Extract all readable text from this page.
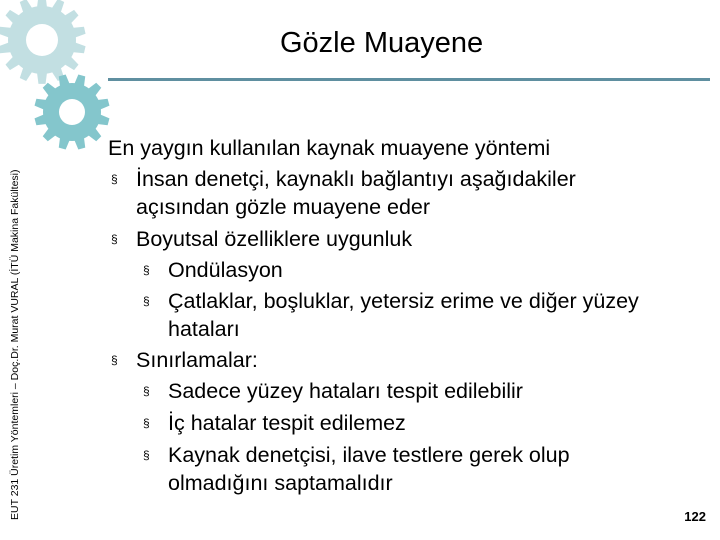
EUT 231 Üretim Yöntemleri – Doç.Dr. Murat VURAL (İTÜ Makina Fakültesi)
Gözle Muayene
En yaygın kullanılan kaynak muayene yöntemi
§ İnsan denetçi, kaynaklı bağlantıyı aşağıdakiler
açısından gözle muayene eder
§ Boyutsal özelliklere uygunluk
§ Ondülasyon
§ Çatlaklar, boşluklar, yetersiz erime ve diğer yüzey
hataları
§ Sınırlamalar:
§ Sadece yüzey hataları tespit edilebilir
§ İç hatalar tespit edilemez
§ Kaynak denetçisi, ilave testlere gerek olup
olmadığını saptamalıdır
122
